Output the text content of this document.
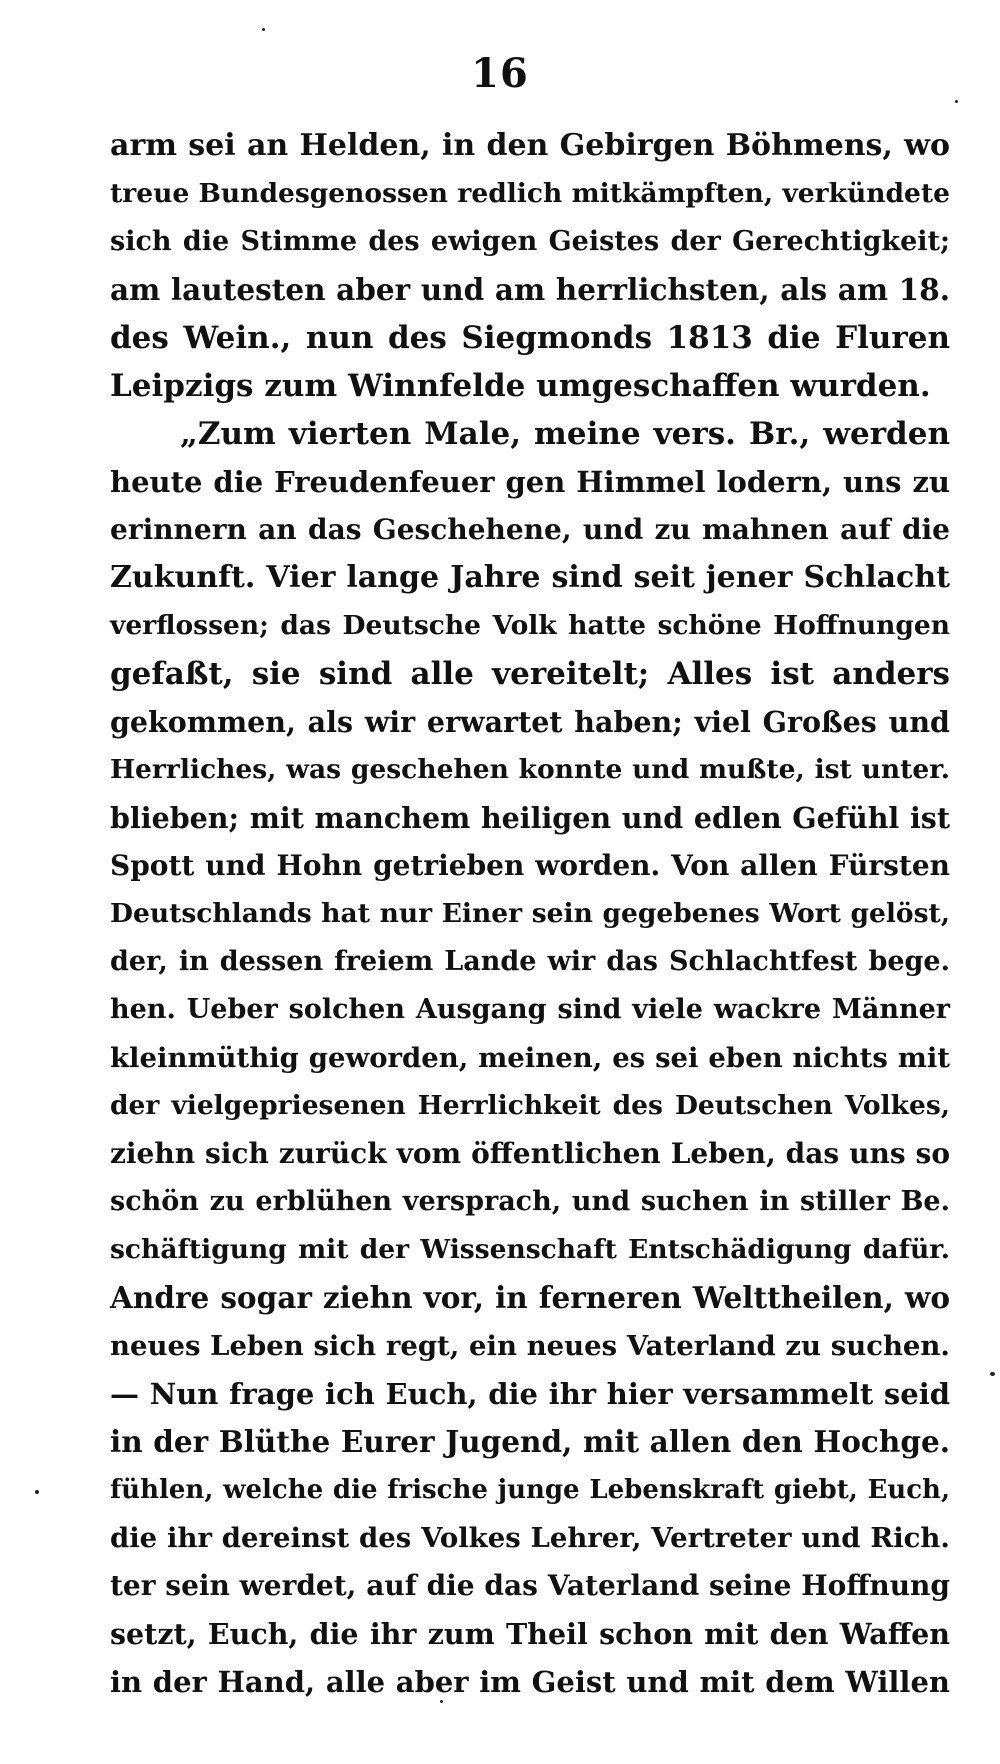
16
arm sei an Helden, in den Gebirgen Böhmens, wo
treue Bundesgenossen redlich mitkämpften, verkündete
sich die Stimme des ewigen Geistes der Gerechtigkeit;
am lautesten aber und am herrlichsten, als am 18.
des Wein., nun des Siegmonds 1813 die Fluren
Leipzigs zum Winnfelde umgeschaffen wurden.
„Zum vierten Male, meine vers. Br., werden
heute die Freudenfeuer gen Himmel lodern, uns zu
erinnern an das Geschehene, und zu mahnen auf die
Zukunft. Vier lange Jahre sind seit jener Schlacht
verflossen; das Deutsche Volk hatte schöne Hoffnungen
gefaßt, sie sind alle vereitelt; Alles ist anders
gekommen, als wir erwartet haben; viel Großes und
Herrliches, was geschehen konnte und mußte, ist unter.
blieben; mit manchem heiligen und edlen Gefühl ist
Spott und Hohn getrieben worden. Von allen Fürsten
Deutschlands hat nur Einer sein gegebenes Wort gelöst,
der, in dessen freiem Lande wir das Schlachtfest bege.
hen. Ueber solchen Ausgang sind viele wackre Männer
kleinmüthig geworden, meinen, es sei eben nichts mit
der vielgepriesenen Herrlichkeit des Deutschen Volkes,
ziehn sich zurück vom öffentlichen Leben, das uns so
schön zu erblühen versprach, und suchen in stiller Be.
schäftigung mit der Wissenschaft Entschädigung dafür.
Andre sogar ziehn vor, in ferneren Welttheilen, wo
neues Leben sich regt, ein neues Vaterland zu suchen.
— Nun frage ich Euch, die ihr hier versammelt seid
in der Blüthe Eurer Jugend, mit allen den Hochge.
fühlen, welche die frische junge Lebenskraft giebt, Euch,
die ihr dereinst des Volkes Lehrer, Vertreter und Rich.
ter sein werdet, auf die das Vaterland seine Hoffnung
setzt, Euch, die ihr zum Theil schon mit den Waffen
in der Hand, alle aber im Geist und mit dem Willen
